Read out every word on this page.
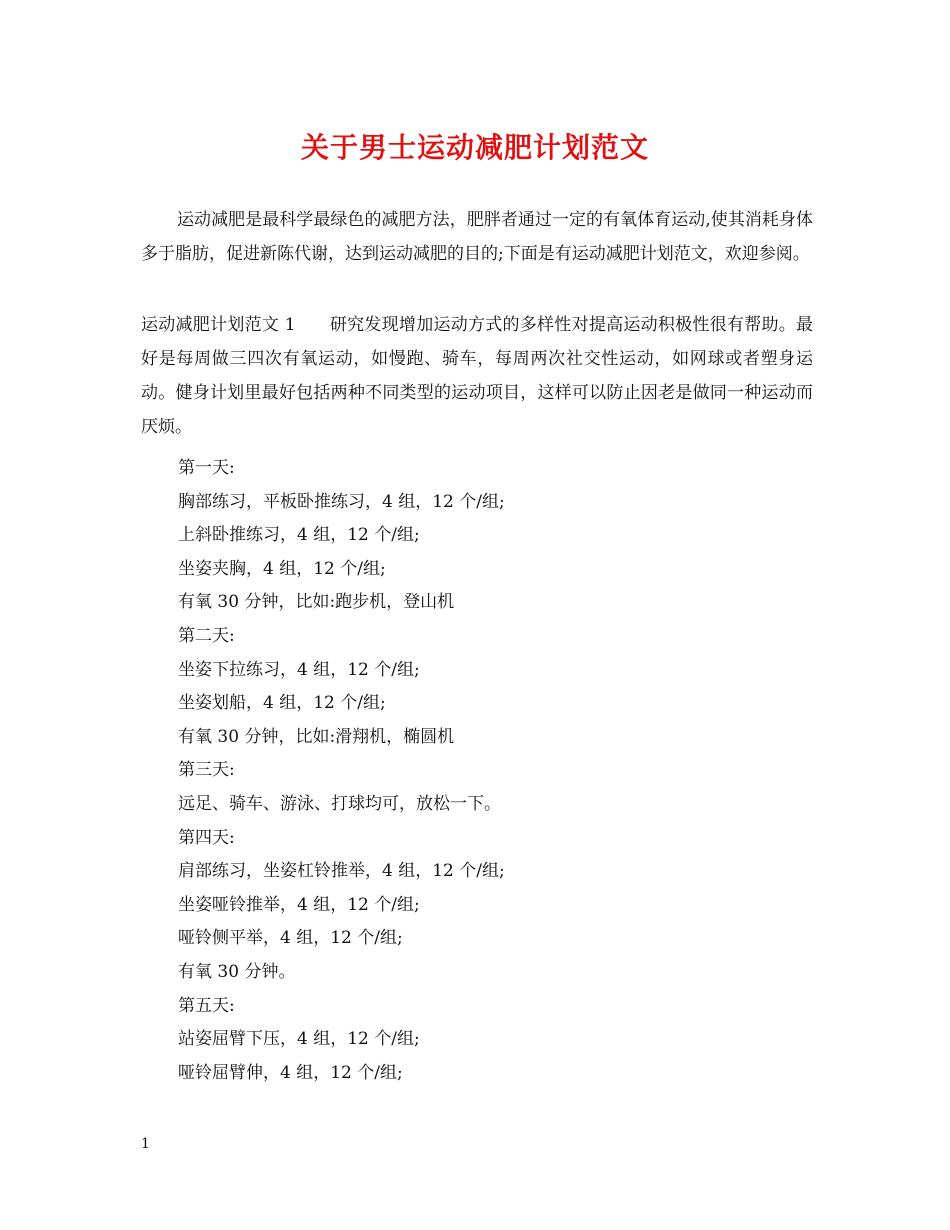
关于男士运动减肥计划范文

运动减肥是最科学最绿色的减肥方法，肥胖者通过一定的有氧体育运动,使其消耗身体多于脂肪，促进新陈代谢，达到运动减肥的目的;下面是有运动减肥计划范文，欢迎参阅。

运动减肥计划范文 1 研究发现增加运动方式的多样性对提高运动积极性很有帮助。最好是每周做三四次有氧运动，如慢跑、骑车，每周两次社交性运动，如网球或者塑身运动。健身计划里最好包括两种不同类型的运动项目，这样可以防止因老是做同一种运动而厌烦。

第一天:
胸部练习，平板卧推练习，4 组，12 个/组;
上斜卧推练习，4 组，12 个/组;
坐姿夹胸，4 组，12 个/组;
有氧 30 分钟，比如:跑步机，登山机
第二天:
坐姿下拉练习，4 组，12 个/组;
坐姿划船，4 组，12 个/组;
有氧 30 分钟，比如:滑翔机，椭圆机
第三天:
远足、骑车、游泳、打球均可，放松一下。
第四天:
肩部练习，坐姿杠铃推举，4 组，12 个/组;
坐姿哑铃推举，4 组，12 个/组;
哑铃侧平举，4 组，12 个/组;
有氧 30 分钟。
第五天:
站姿屈臂下压，4 组，12 个/组;
哑铃屈臂伸，4 组，12 个/组;
1
